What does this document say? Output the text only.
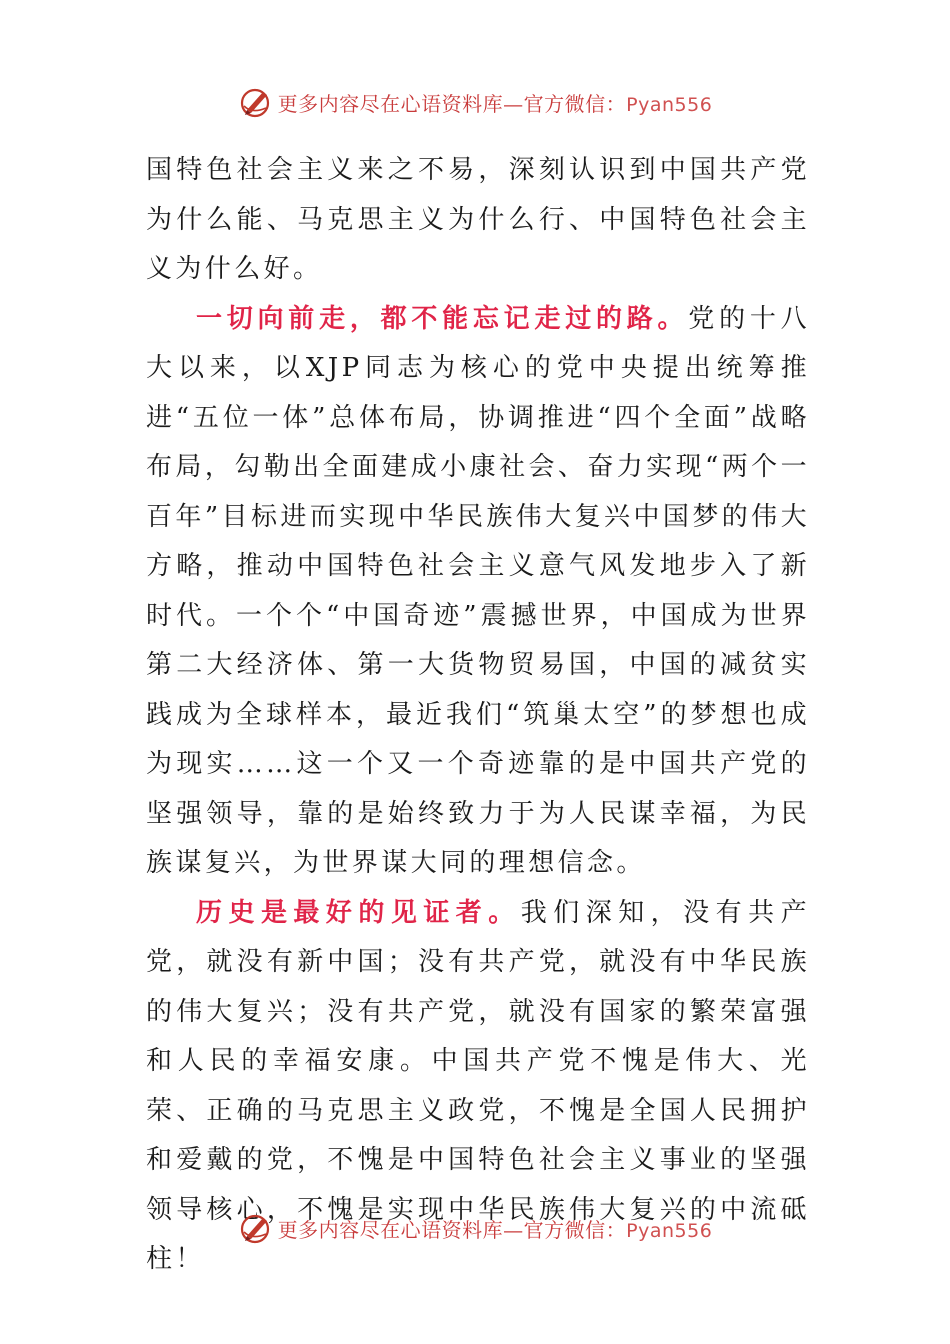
更多内容尽在心语资料库—官方微信：Pyan556

国特色社会主义来之不易，深刻认识到中国共产党为什么能、马克思主义为什么行、中国特色社会主义为什么好。

一切向前走，都不能忘记走过的路。党的十八大以来，以XJP同志为核心的党中央提出统筹推进“五位一体”总体布局，协调推进“四个全面”战略布局，勾勒出全面建成小康社会、奋力实现“两个一百年”目标进而实现中华民族伟大复兴中国梦的伟大方略，推动中国特色社会主义意气风发地步入了新时代。一个个“中国奇迹”震撼世界，中国成为世界第二大经济体、第一大货物贸易国，中国的减贫实践成为全球样本，最近我们“筑巢太空”的梦想也成为现实……这一个又一个奇迹靠的是中国共产党的坚强领导，靠的是始终致力于为人民谋幸福，为民族谋复兴，为世界谋大同的理想信念。

历史是最好的见证者。我们深知，没有共产党，就没有新中国；没有共产党，就没有中华民族的伟大复兴；没有共产党，就没有国家的繁荣富强和人民的幸福安康。中国共产党不愧是伟大、光荣、正确的马克思主义政党，不愧是全国人民拥护和爱戴的党，不愧是中国特色社会主义事业的坚强领导核心，不愧是实现中华民族伟大复兴的中流砥柱！

更多内容尽在心语资料库—官方微信：Pyan556
